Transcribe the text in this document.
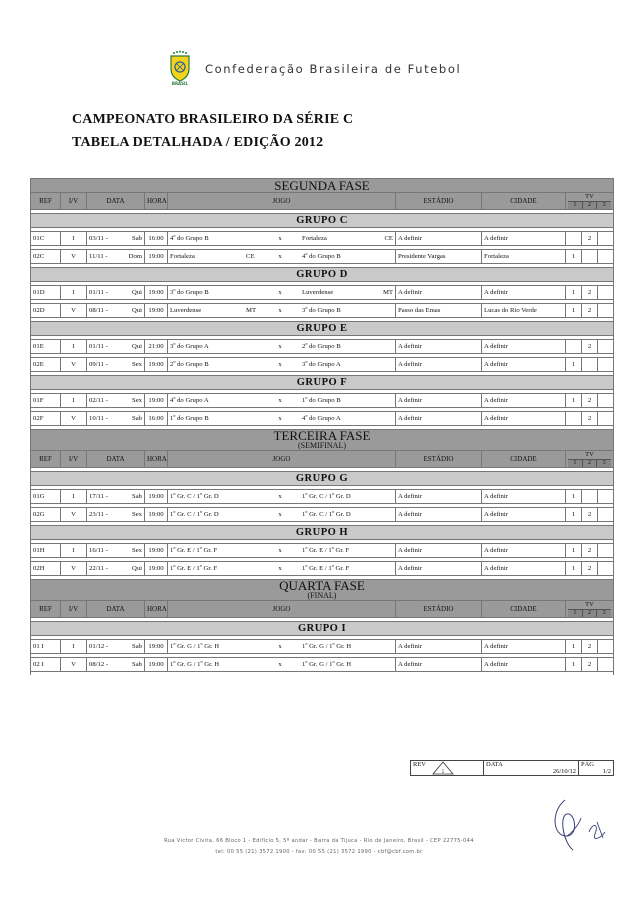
BRASIL
Confederação Brasileira de Futebol
CAMPEONATO BRASILEIRO DA SÉRIE C
TABELA DETALHADA / EDIÇÃO 2012
SEGUNDA FASE									
REF	I/V	DATA	HORA	JOGO	ESTÁDIO	CIDADE	TV
1 2 3		

GRUPO C									

01C	I	03/11 - Sab	16:00	4º do Grupo B x Fortaleza CE	A definir	A definir		2	

02C	V	11/11 - Dom	19:00	Fortaleza CE x 4º do Grupo B	Presidente Vargas	Fortaleza	1		

GRUPO D									

01D	I	01/11 - Qui	19:00	3º do Grupo B x Luverdense MT	A definir	A definir	1	2	

02D	V	08/11 - Qui	19:00	Luverdense MT x 3º do Grupo B	Passo das Emas	Lucas do Rio Verde	1	2	

GRUPO E									

01E	I	01/11 - Qui	21:00	3º do Grupo A x 2º do Grupo B	A definir	A definir		2	

02E	V	09/11 - Sex	19:00	2º do Grupo B x 3º do Grupo A	A definir	A definir	1		

GRUPO F									

01F	I	02/11 - Sex	19:00	4º do Grupo A x 1º do Grupo B	A definir	A definir	1	2	

02F	V	10/11 - Sab	16:00	1º do Grupo B x 4º do Grupo A	A definir	A definir		2	

TERCEIRA FASE
(SEMIFINAL)									

REF	I/V	DATA	HORA	JOGO	ESTÁDIO	CIDADE	TV
1 2 3		

GRUPO G									

01G	I	17/11 - Sab	19:00	1º Gr. C / 1º Gr. D x 1º Gr. C / 1º Gr. D	A definir	A definir	1		

02G	V	23/11 - Sex	19:00	1º Gr. C / 1º Gr. D x 1º Gr. C / 1º Gr. D	A definir	A definir	1	2	

GRUPO H									

01H	I	16/11 - Sex	19:00	1º Gr. E / 1º Gr. F x 1º Gr. E / 1º Gr. F	A definir	A definir	1	2	

02H	V	22/11 - Qui	19:00	1º Gr. E / 1º Gr. F x 1º Gr. E / 1º Gr. F	A definir	A definir	1	2	

QUARTA FASE
(FINAL)									

REF	I/V	DATA	HORA	JOGO	ESTÁDIO	CIDADE	TV
1 2 3		

GRUPO I									

01 I	I	01/12 - Sab	19:00	1º Gr. G / 1º Gr. H x 1º Gr. G / 1º Gr. H	A definir	A definir	1	2	

02 I	V	08/12 - Sab	19:00	1º Gr. G / 1º Gr. H x 1º Gr. G / 1º Gr. H	A definir	A definir	1	2	

REV
5

DATA
26/10/12

PÁG
1/2
Rua Victor Civita, 66 Bloco 1 - Edifício 5, 5º andar - Barra da Tijuca - Rio de Janeiro, Brasil - CEP 22775-044
tel: 00 55 (21) 3572 1900 - fax: 00 55 (21) 3572 1990 - cbf@cbf.com.br
